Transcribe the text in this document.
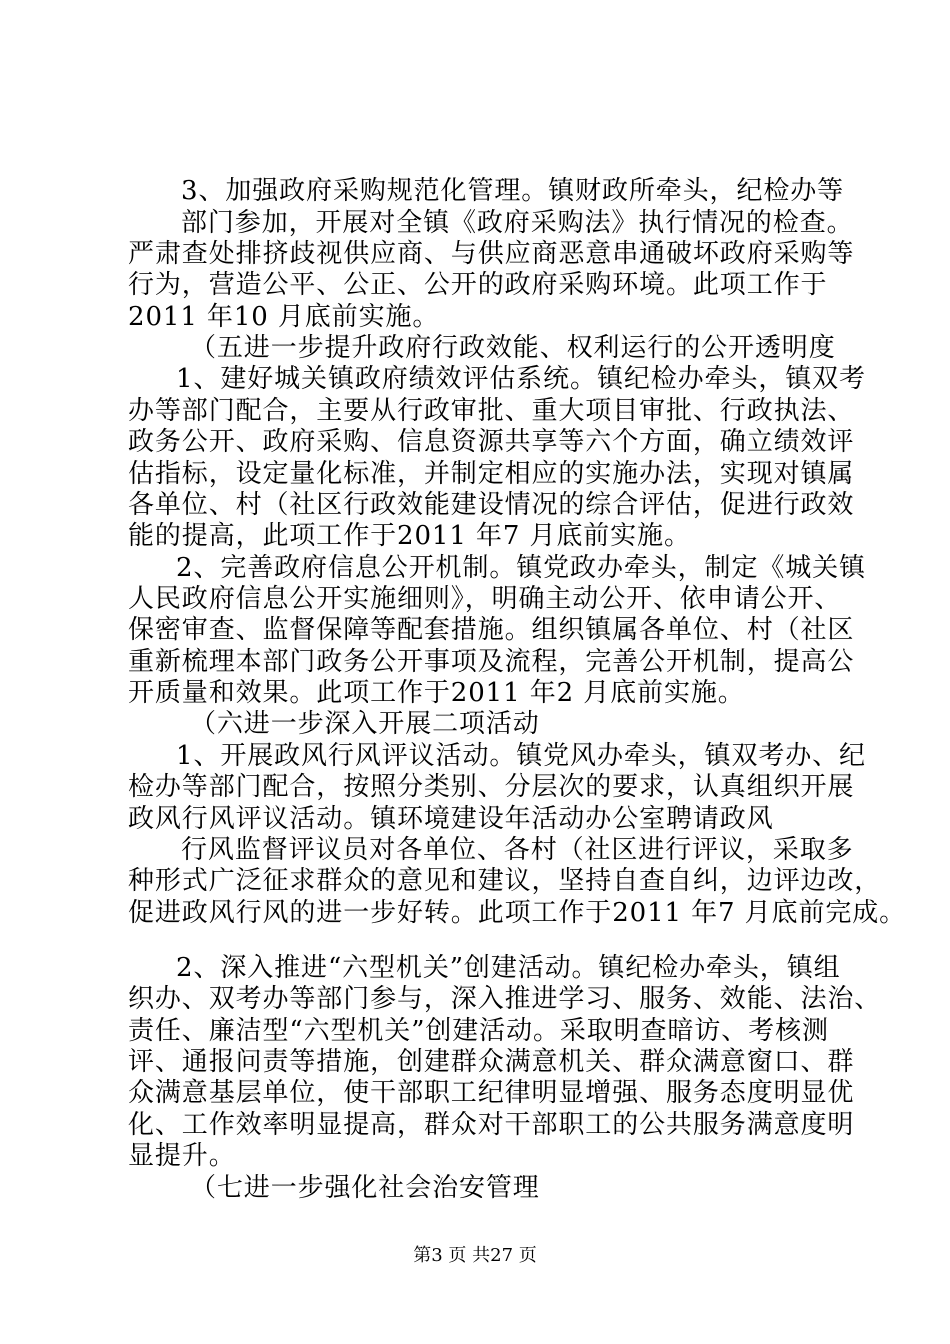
3、加强政府采购规范化管理。镇财政所牵头，纪检办等
部门参加，开展对全镇《政府采购法》执行情况的检查。
严肃查处排挤歧视供应商、与供应商恶意串通破坏政府采购等
行为，营造公平、公正、公开的政府采购环境。此项工作于
2011 年10 月底前实施。
（五进一步提升政府行政效能、权利运行的公开透明度
1、建好城关镇政府绩效评估系统。镇纪检办牵头，镇双考
办等部门配合，主要从行政审批、重大项目审批、行政执法、
政务公开、政府采购、信息资源共享等六个方面，确立绩效评
估指标，设定量化标准，并制定相应的实施办法，实现对镇属
各单位、村（社区行政效能建设情况的综合评估，促进行政效
能的提高，此项工作于2011 年7 月底前实施。
2、完善政府信息公开机制。镇党政办牵头，制定《城关镇
人民政府信息公开实施细则》，明确主动公开、依申请公开、
保密审查、监督保障等配套措施。组织镇属各单位、村（社区
重新梳理本部门政务公开事项及流程，完善公开机制，提高公
开质量和效果。此项工作于2011 年2 月底前实施。
（六进一步深入开展二项活动
1、开展政风行风评议活动。镇党风办牵头，镇双考办、纪
检办等部门配合，按照分类别、分层次的要求，认真组织开展
政风行风评议活动。镇环境建设年活动办公室聘请政风
行风监督评议员对各单位、各村（社区进行评议，采取多
种形式广泛征求群众的意见和建议，坚持自查自纠，边评边改，
促进政风行风的进一步好转。此项工作于2011 年7 月底前完成。
2、深入推进“六型机关”创建活动。镇纪检办牵头，镇组
织办、双考办等部门参与，深入推进学习、服务、效能、法治、
责任、廉洁型“六型机关”创建活动。采取明查暗访、考核测
评、通报问责等措施，创建群众满意机关、群众满意窗口、群
众满意基层单位，使干部职工纪律明显增强、服务态度明显优
化、工作效率明显提高，群众对干部职工的公共服务满意度明
显提升。
（七进一步强化社会治安管理
第3 页 共27 页
